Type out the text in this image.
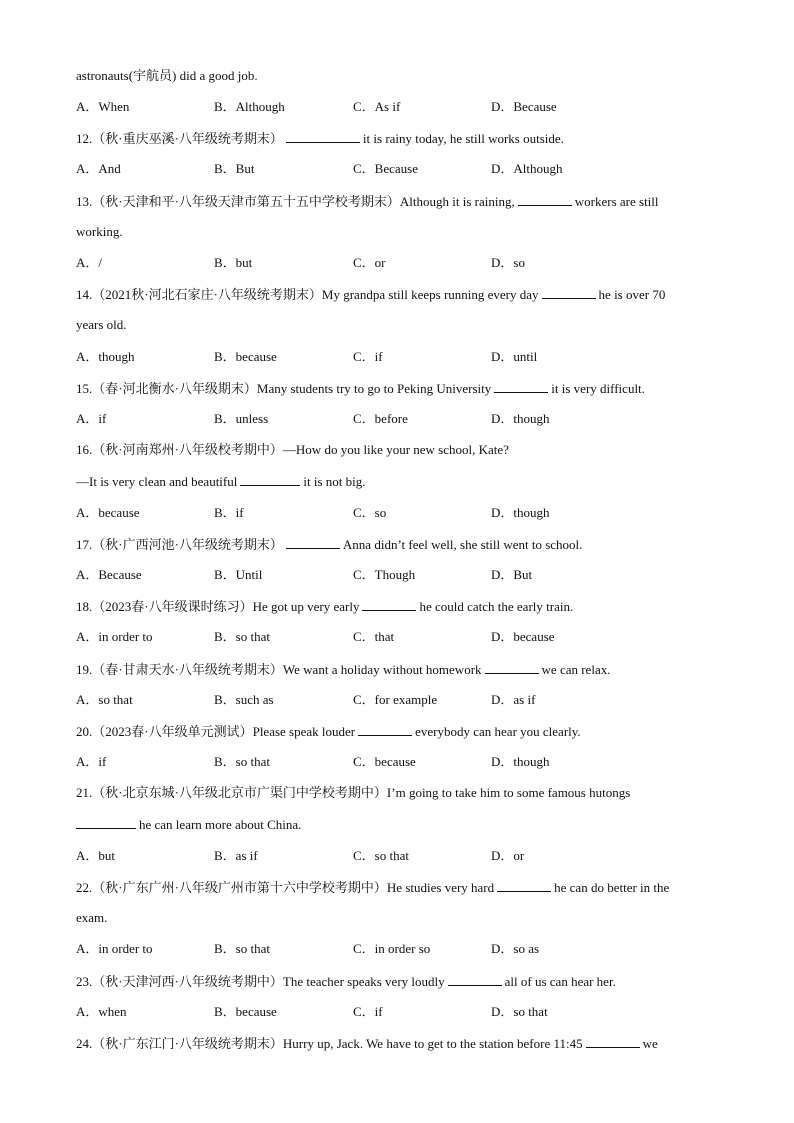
astronauts(宇航员) did a good job.
A．When	B．Although	C．As if	D．Because
12.（秋·重庆巫溪·八年级统考期末）	it is rainy today, he still works outside.
A．And	B．But	C．Because	D．Although
13.（秋·天津和平·八年级天津市第五十五中学校考期末）Although it is raining,	workers are still
working.
A．/	B．but	C．or	D．so
14.（2021秋·河北石家庄·八年级统考期末）My grandpa still keeps running every day	he is over 70
years old.
A．though	B．because	C．if	D．until
15.（春·河北衡水·八年级期末）Many students try to go to Peking University	it is very difficult.
A．if	B．unless	C．before	D．though
16.（秋·河南郑州·八年级校考期中）—How do you like your new school, Kate?
—It is very clean and beautiful	it is not big.
A．because	B．if	C．so	D．though
17.（秋·广西河池·八年级统考期末）	Anna didn’t feel well, she still went to school.
A．Because	B．Until	C．Though	D．But
18.（2023春·八年级课时练习）He got up very early	he could catch the early train.
A．in order to	B．so that	C．that	D．because
19.（春·甘肃天水·八年级统考期末）We want a holiday without homework	we can relax.
A．so that	B．such as	C．for example	D．as if
20.（2023春·八年级单元测试）Please speak louder	everybody can hear you clearly.
A．if	B．so that	C．because	D．though
21.（秋·北京东城·八年级北京市广渠门中学校考期中）I’m going to take him to some famous hutongs
he can learn more about China.
A．but	B．as if	C．so that	D．or
22.（秋·广东广州·八年级广州市第十六中学校考期中）He studies very hard	he can do better in the
exam.
A．in order to	B．so that	C．in order so	D．so as
23.（秋·天津河西·八年级统考期中）The teacher speaks very loudly	all of us can hear her.
A．when	B．because	C．if	D．so that
24.（秋·广东江门·八年级统考期末）Hurry up, Jack. We have to get to the station before 11:45	we
